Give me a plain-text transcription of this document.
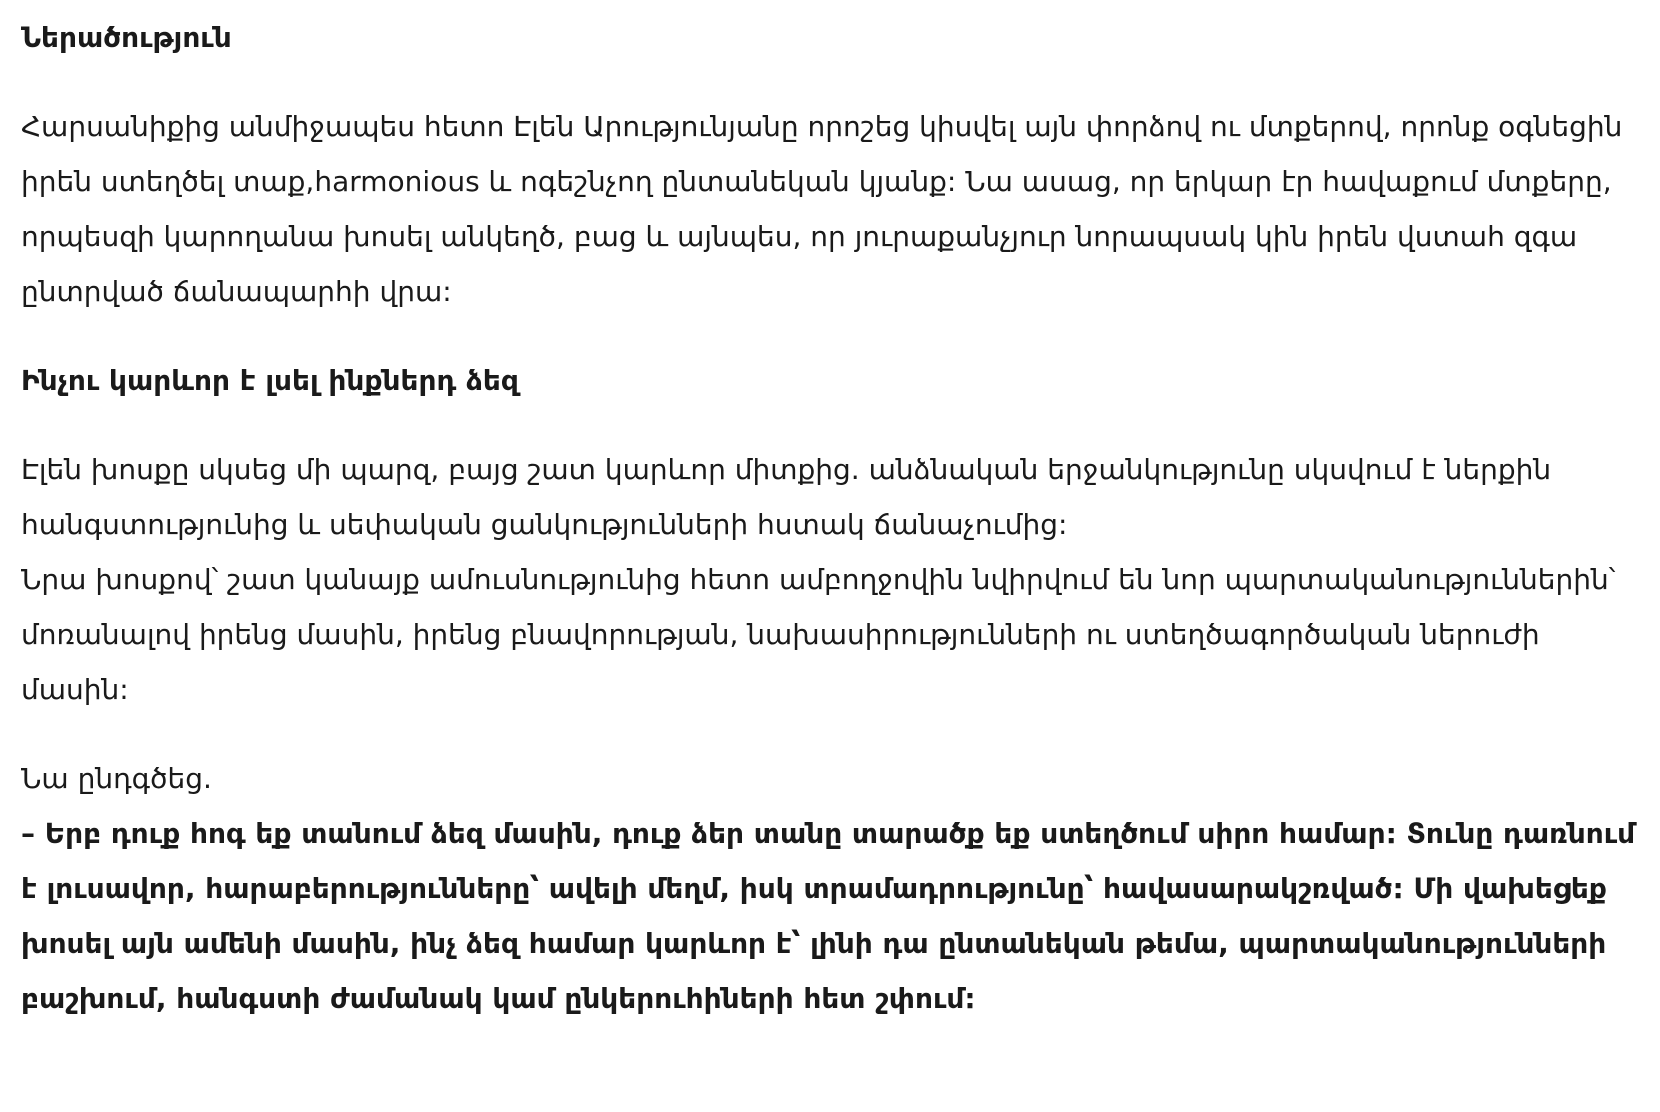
Ներածություն

Հարսանիքից անմիջապես հետո Էլեն Արությունյանը որոշեց կիսվել այն փորձով ու մտքերով, որոնք օգնեցին իրեն ստեղծել տաք,harmonious և ոգեշնչող ընտանեկան կյանք: Նա ասաց, որ երկար էր հավաքում մտքերը, որպեսզի կարողանա խոսել անկեղծ, բաց և այնպես, որ յուրաքանչյուր նորապսակ կին իրեն վստահ զգա ընտրված ճանապարհի վրա:

Ինչու կարևոր է լսել ինքներդ ձեզ

Էլեն խոսքը սկսեց մի պարզ, բայց շատ կարևոր միտքից. անձնական երջանկությունը սկսվում է ներքին հանգստությունից և սեփական ցանկությունների հստակ ճանաչումից:
Նրա խոսքով՝ շատ կանայք ամուսնությունից հետո ամբողջովին նվիրվում են նոր պարտականություններին՝ մոռանալով իրենց մասին, իրենց բնավորության, նախասիրությունների ու ստեղծագործական ներուժի մասին:

Նա ընդգծեց.
– Երբ դուք հոգ եք տանում ձեզ մասին, դուք ձեր տանը տարածք եք ստեղծում սիրո համար: Տունը դառնում է լուսավոր, հարաբերությունները՝ ավելի մեղմ, իսկ տրամադրությունը՝ հավասարակշռված: Մի վախեցեք խոսել այն ամենի մասին, ինչ ձեզ համար կարևոր է՝ լինի դա ընտանեկան թեմա, պարտականությունների բաշխում, հանգստի ժամանակ կամ ընկերուհիների հետ շփում:
